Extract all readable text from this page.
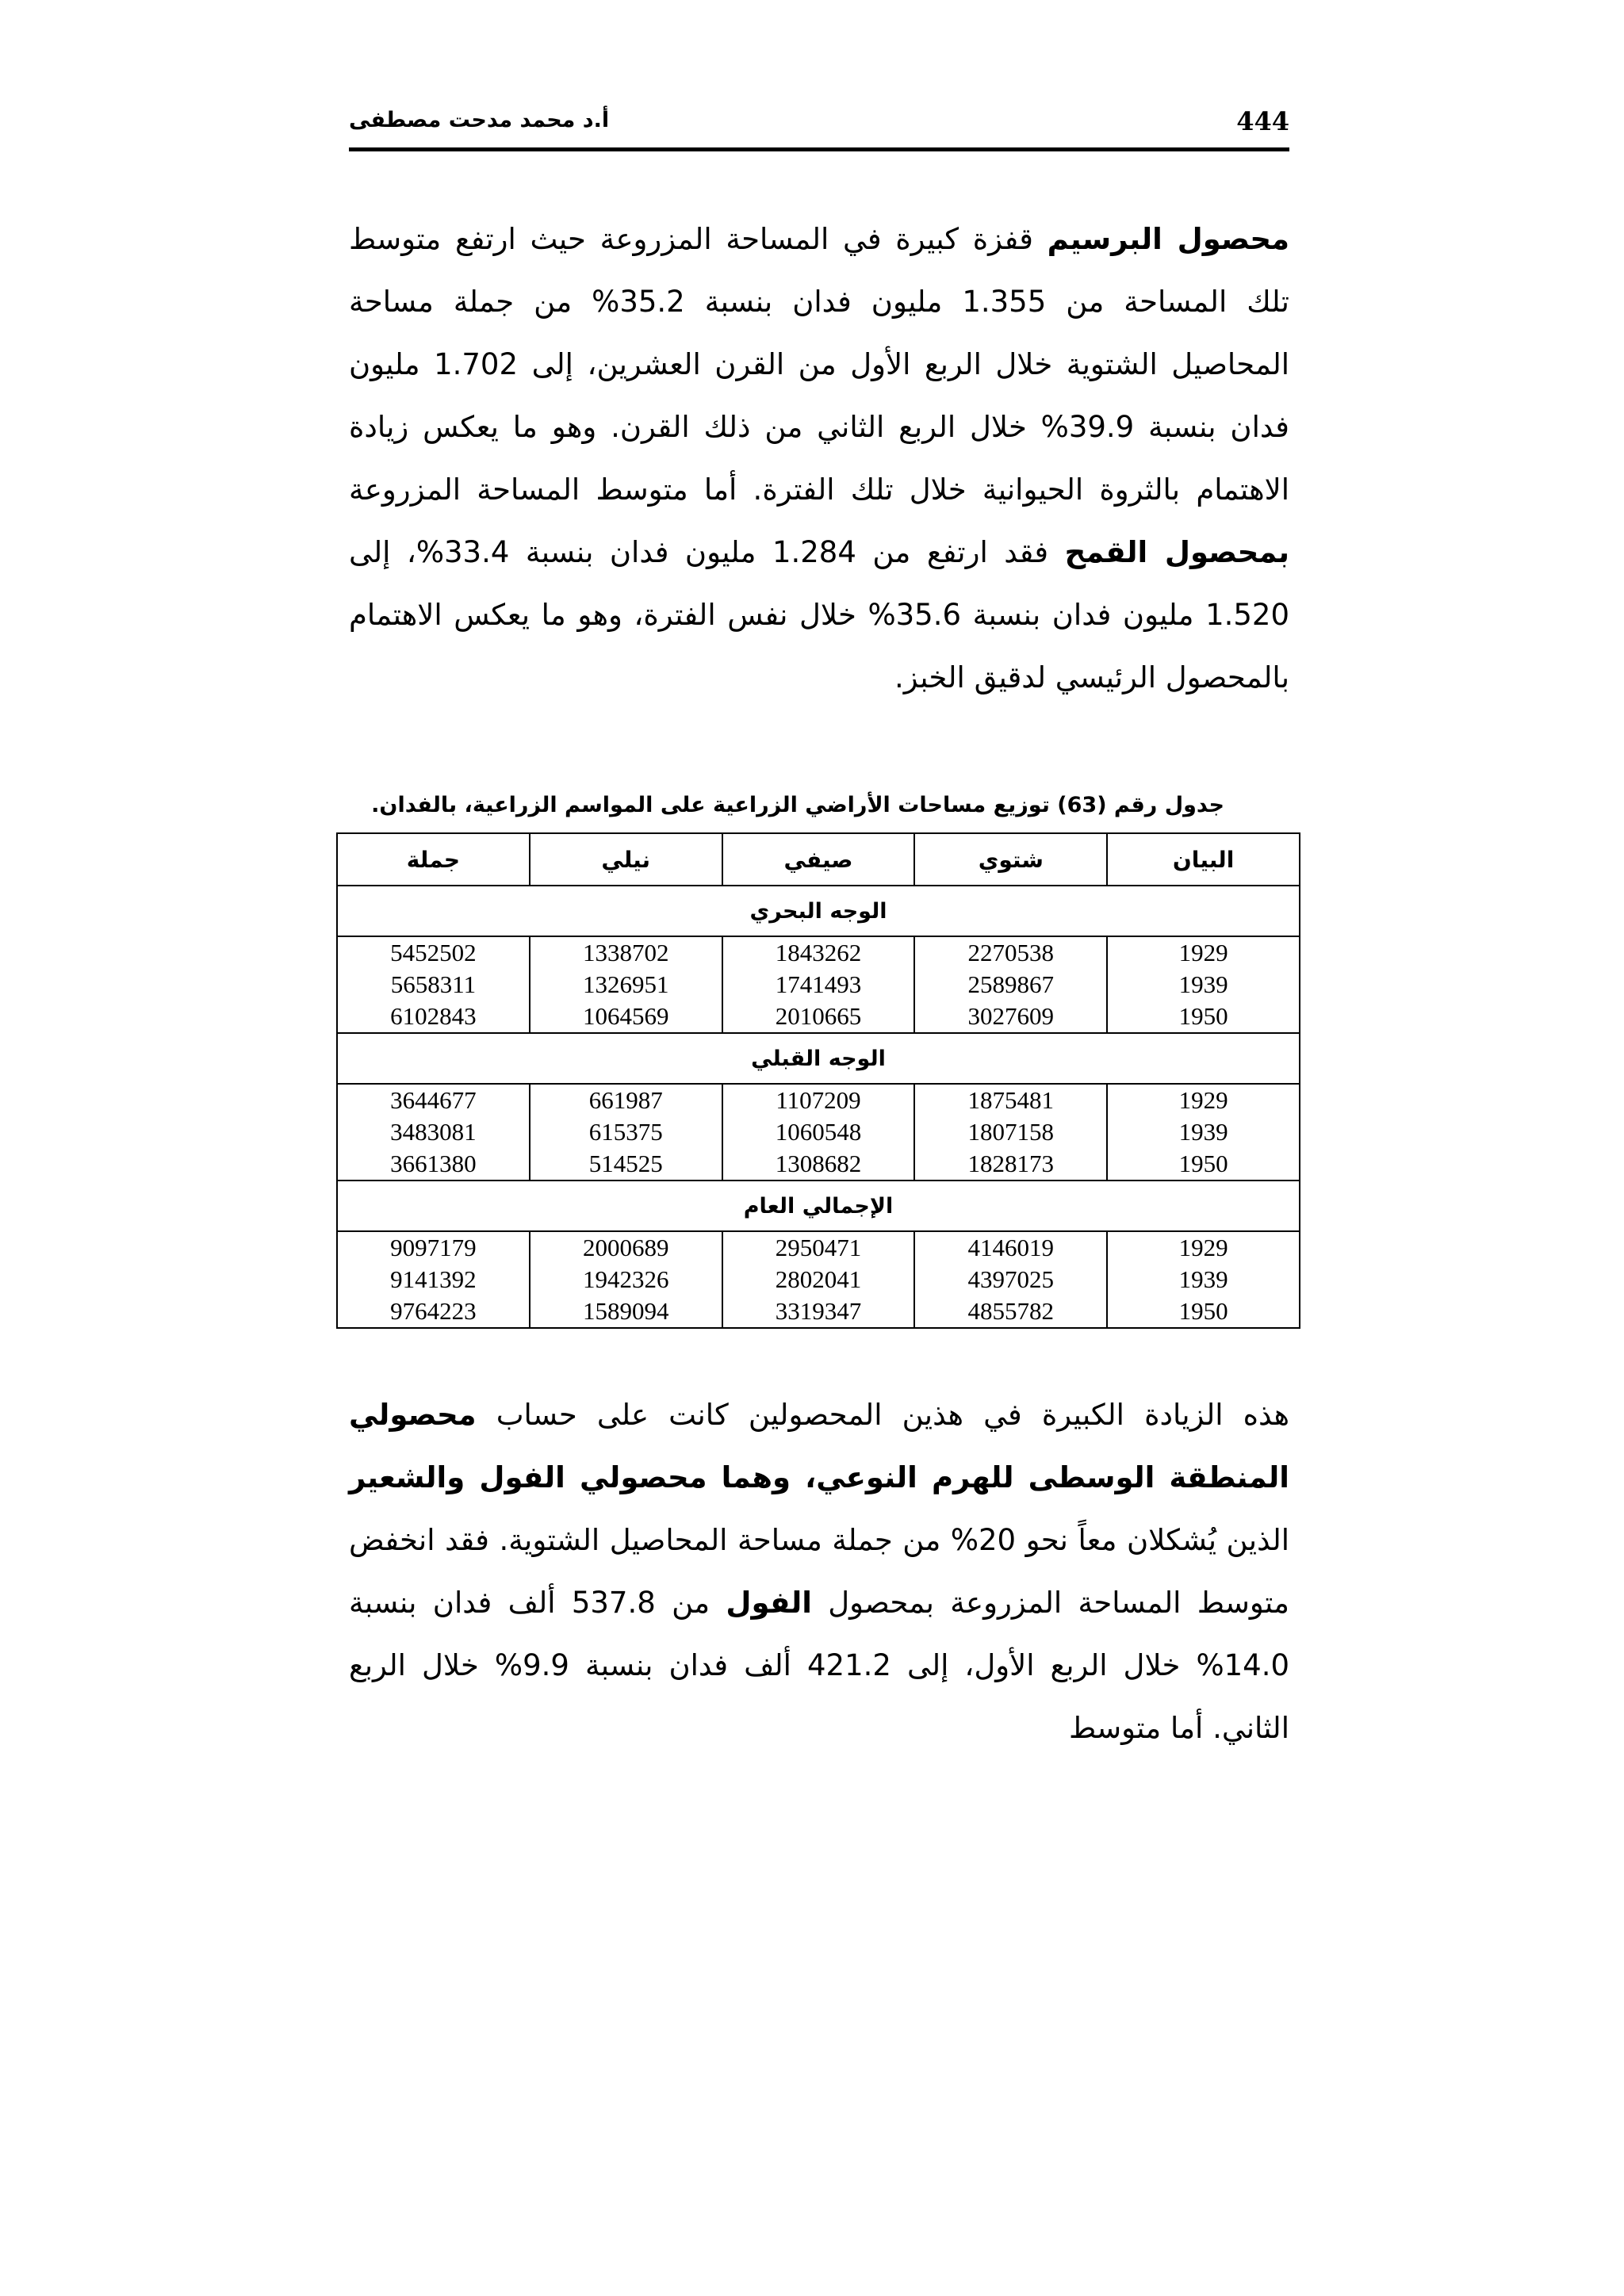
444
أ.د محمد مدحت مصطفى

محصول البرسيم قفزة كبيرة في المساحة المزروعة حيث ارتفع متوسط تلك المساحة من 1.355 مليون فدان بنسبة 35.2% من جملة مساحة المحاصيل الشتوية خلال الربع الأول من القرن العشرين، إلى 1.702 مليون فدان بنسبة 39.9% خلال الربع الثاني من ذلك القرن. وهو ما يعكس زيادة الاهتمام بالثروة الحيوانية خلال تلك الفترة. أما متوسط المساحة المزروعة بمحصول القمح فقد ارتفع من 1.284 مليون فدان بنسبة 33.4%، إلى 1.520 مليون فدان بنسبة 35.6% خلال نفس الفترة، وهو ما يعكس الاهتمام بالمحصول الرئيسي لدقيق الخبز.

جدول رقم (63) توزيع مساحات الأراضي الزراعية على المواسم الزراعية، بالفدان.
البيان	شتوي	صيفي	نيلي	جملة
الوجه البحري				
1929	2270538	1843262	1338702	5452502
1939	2589867	1741493	1326951	5658311
1950	3027609	2010665	1064569	6102843
الوجه القبلي				
1929	1875481	1107209	661987	3644677
1939	1807158	1060548	615375	3483081
1950	1828173	1308682	514525	3661380
الإجمالي العام				
1929	4146019	2950471	2000689	9097179
1939	4397025	2802041	1942326	9141392
1950	4855782	3319347	1589094	9764223

هذه الزيادة الكبيرة في هذين المحصولين كانت على حساب محصولي المنطقة الوسطى للهرم النوعي، وهما محصولي الفول والشعير الذين يُشكلان معاً نحو 20% من جملة مساحة المحاصيل الشتوية. فقد انخفض متوسط المساحة المزروعة بمحصول الفول من 537.8 ألف فدان بنسبة 14.0% خلال الربع الأول، إلى 421.2 ألف فدان بنسبة 9.9% خلال الربع الثاني. أما متوسط
